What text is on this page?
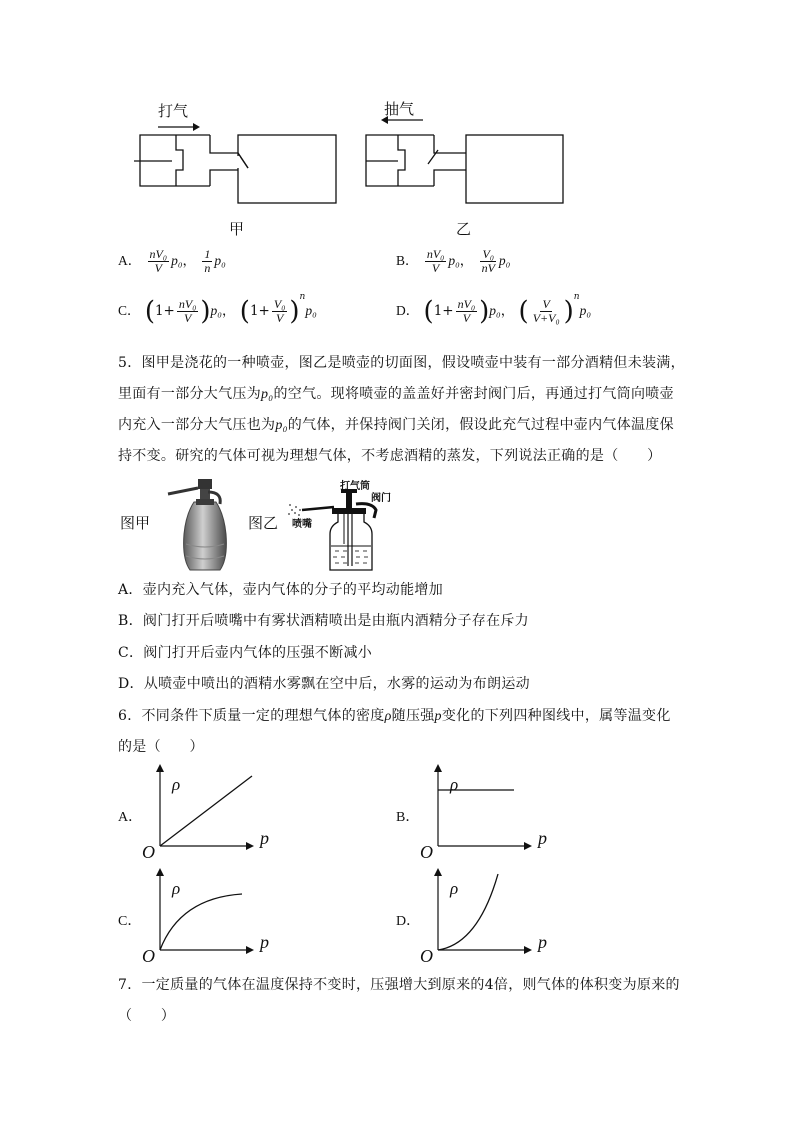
打气
甲
抽气
乙
A． $\frac{\text{nV₀}}{V} p_0$， $\frac{1}{n} p_0$	B． $\frac{\text{nV₀}}{V} p_0$， $\frac{\text{V₀}}{nV} p_0$
C． $(1+ \frac{\text{nV₀}}{V} )p_0$， $(1+ \frac{\text{V₀}}{V} )^np_0$	D． $(1+ \frac{\text{nV₀}}{V} )p_0$， ( $\frac{V}{\text{V+V₀}} )^np_0$
5．图甲是浇花的一种喷壶，图乙是喷壶的切面图，假设喷壶中装有一部分酒精但未装满，
里面有一部分大气压为p₀的空气。现将喷壶的盖盖好并密封阀门后，再通过打气筒向喷壶
内充入一部分大气压也为p₀的气体，并保持阀门关闭，假设此充气过程中壶内气体温度保
持不变。研究的气体可视为理想气体，不考虑酒精的蒸发，下列说法正确的是（　　）
图甲	图乙
打气筒
阀门
喷嘴
A．壶内充入气体，壶内气体的分子的平均动能增加
B．阀门打开后喷嘴中有雾状酒精喷出是由瓶内酒精分子存在斥力
C．阀门打开后壶内气体的压强不断减小
D．从喷壶中喷出的酒精水雾飘在空中后，水雾的运动为布朗运动
6．不同条件下质量一定的理想气体的密度ρ随压强p变化的下列四种图线中，属等温变化
的是（　　）
A．
ρ
p
O
B．
ρ
p
O
C．
ρ
p
O
D．
ρ
p
O
7．一定质量的气体在温度保持不变时，压强增大到原来的4倍，则气体的体积变为原来的
（　　）
